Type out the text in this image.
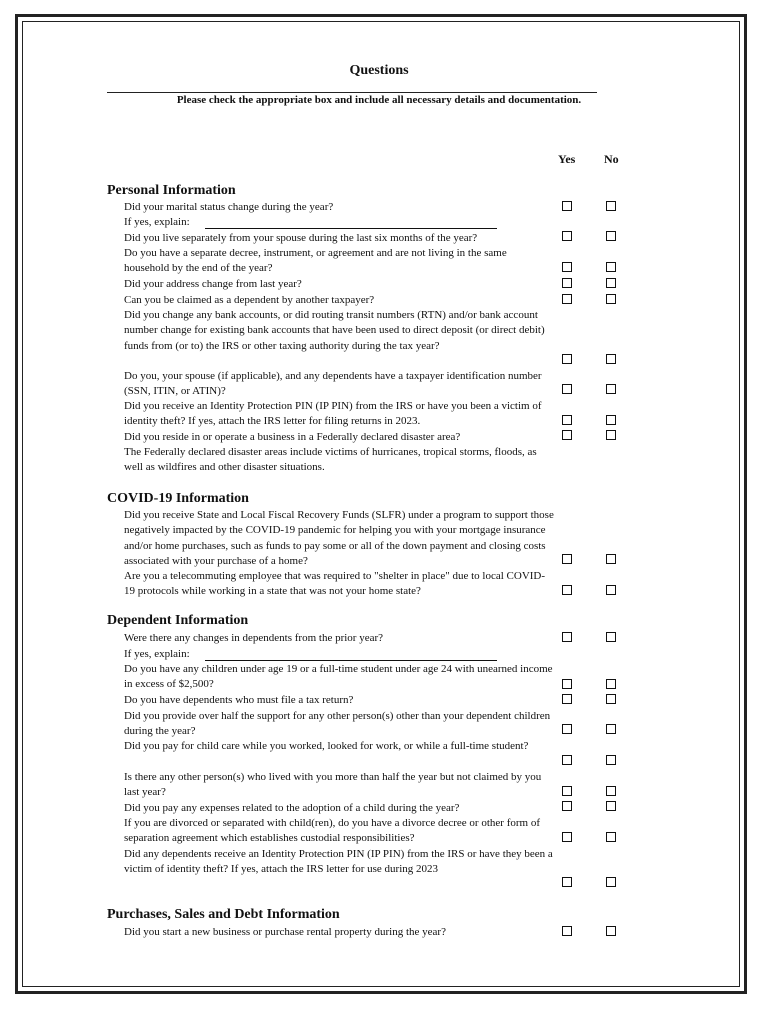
Questions
Please check the appropriate box and include all necessary details and documentation.
Yes No
Personal Information
Did your marital status change during the year?
If yes, explain:
Did you live separately from your spouse during the last six months of the year?
Do you have a separate decree, instrument, or agreement and are not living in the same household by the end of the year?
Did your address change from last year?
Can you be claimed as a dependent by another taxpayer?
Did you change any bank accounts, or did routing transit numbers (RTN) and/or bank account number change for existing bank accounts that have been used to direct deposit (or direct debit) funds from (or to) the IRS or other taxing authority during the tax year?
Do you, your spouse (if applicable), and any dependents have a taxpayer identification number (SSN, ITIN, or ATIN)?
Did you receive an Identity Protection PIN (IP PIN) from the IRS or have you been a victim of identity theft? If yes, attach the IRS letter for filing returns in 2023.
Did you reside in or operate a business in a Federally declared disaster area?
The Federally declared disaster areas include victims of hurricanes, tropical storms, floods, as well as wildfires and other disaster situations.
COVID-19 Information
Did you receive State and Local Fiscal Recovery Funds (SLFR) under a program to support those negatively impacted by the COVID-19 pandemic for helping you with your mortgage insurance and/or home purchases, such as funds to pay some or all of the down payment and closing costs associated with your purchase of a home?
Are you a telecommuting employee that was required to "shelter in place" due to local COVID-19 protocols while working in a state that was not your home state?
Dependent Information
Were there any changes in dependents from the prior year?
If yes, explain:
Do you have any children under age 19 or a full-time student under age 24 with unearned income in excess of $2,500?
Do you have dependents who must file a tax return?
Did you provide over half the support for any other person(s) other than your dependent children during the year?
Did you pay for child care while you worked, looked for work, or while a full-time student?
Is there any other person(s) who lived with you more than half the year but not claimed by you last year?
Did you pay any expenses related to the adoption of a child during the year?
If you are divorced or separated with child(ren), do you have a divorce decree or other form of separation agreement which establishes custodial responsibilities?
Did any dependents receive an Identity Protection PIN (IP PIN) from the IRS or have they been a victim of identity theft? If yes, attach the IRS letter for use during 2023
Purchases, Sales and Debt Information
Did you start a new business or purchase rental property during the year?
